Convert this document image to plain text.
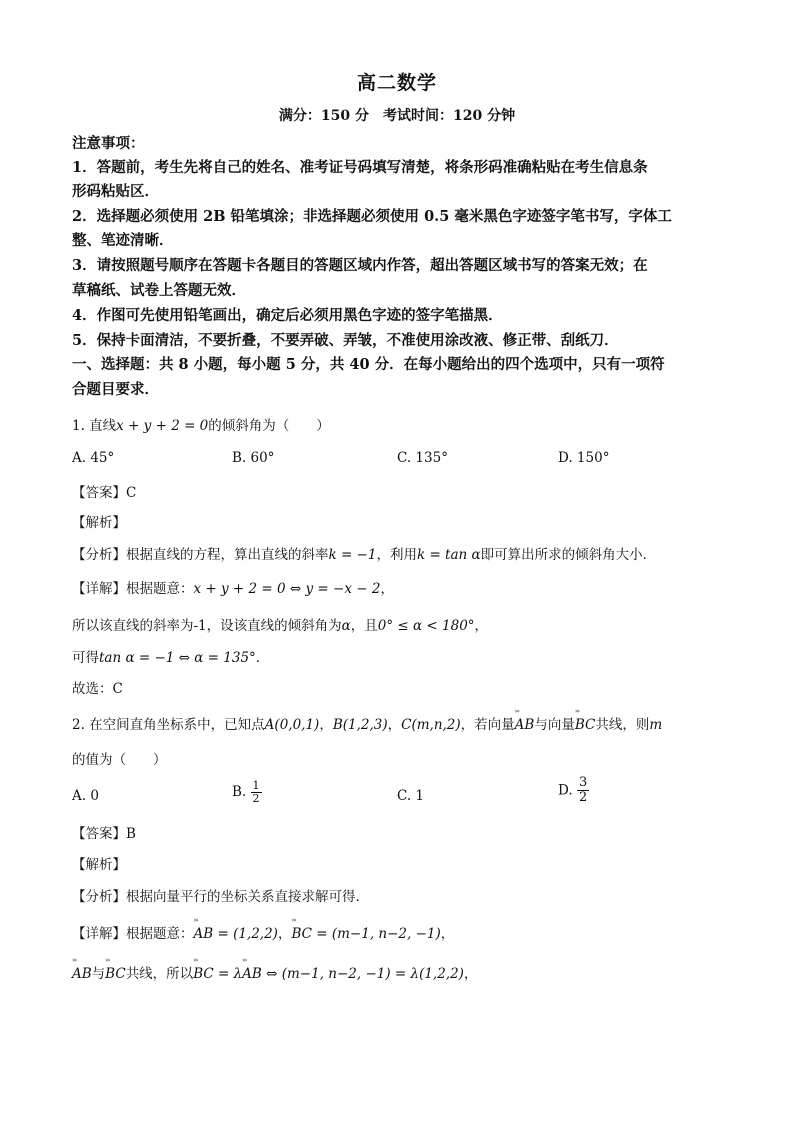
高二数学
满分：150 分　考试时间：120 分钟
注意事项：
1．答题前，考生先将自己的姓名、准考证号码填写清楚，将条形码准确粘贴在考生信息条
形码粘贴区．
2．选择题必须使用 2B 铅笔填涂；非选择题必须使用 0.5 毫米黑色字迹签字笔书写，字体工
整、笔迹清晰．
3．请按照题号顺序在答题卡各题目的答题区域内作答，超出答题区域书写的答案无效；在
草稿纸、试卷上答题无效．
4．作图可先使用铅笔画出，确定后必须用黑色字迹的签字笔描黑．
5．保持卡面清洁，不要折叠，不要弄破、弄皱，不准使用涂改液、修正带、刮纸刀．
一、选择题：共 8 小题，每小题 5 分，共 40 分．在每小题给出的四个选项中，只有一项符
合题目要求．
1. 直线x + y + 2 = 0的倾斜角为（　　）
A. 45°	B. 60°	C. 135°	D. 150°
【答案】C
【解析】
【分析】根据直线的方程，算出直线的斜率k = −1，利用k = tan α即可算出所求的倾斜角大小．
【详解】根据题意：x + y + 2 = 0 ⇔ y = −x − 2，
所以该直线的斜率为-1，设该直线的倾斜角为α，且0° ≤ α < 180°，
可得tan α = −1 ⇔ α = 135°．
故选：C
2. 在空间直角坐标系中，已知点A(0,0,1)，B(1,2,3)，C(m,n,2)，若向量››› AB与向量››› BC共线，则m
的值为（　　）
A. 0	B. $\frac{1}{2}$	C. 1	D. $\frac{3}{2}$
【答案】B
【解析】
【分析】根据向量平行的坐标关系直接求解可得.
【详解】根据题意：››› AB = (1,2,2)，››› BC = (m−1, n−2, −1)，
››› AB与››› BC共线，所以››› BC = λ››› AB ⇔ (m−1, n−2, −1) = λ(1,2,2)，
